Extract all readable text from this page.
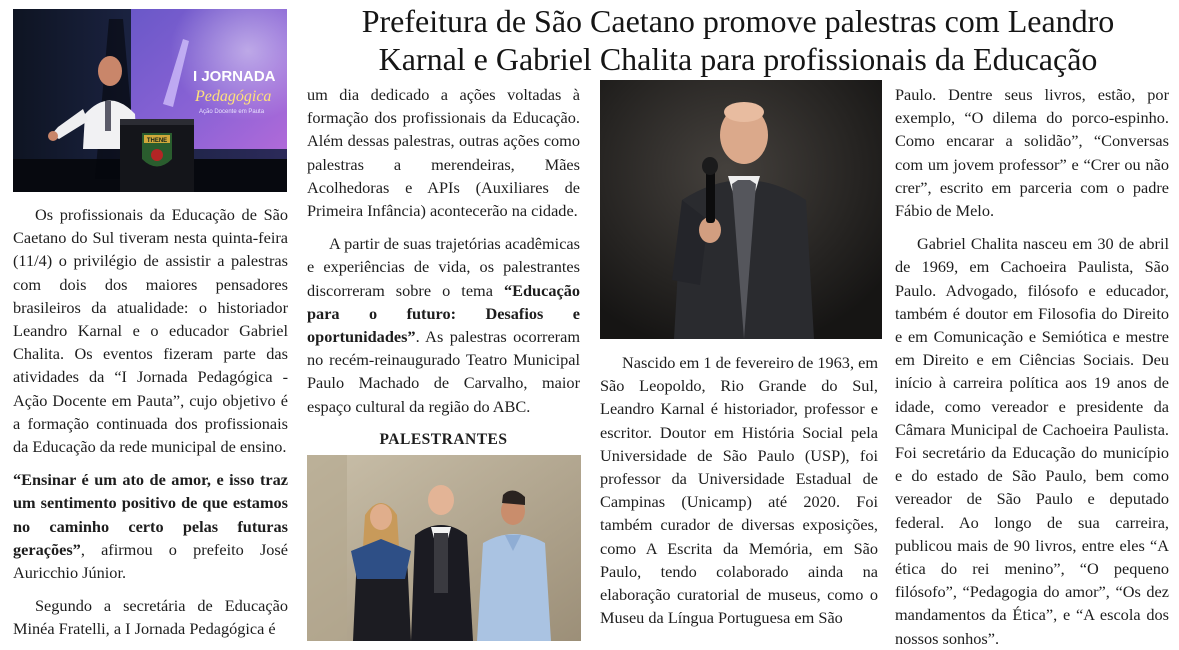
Prefeitura de São Caetano promove palestras com Leandro
Karnal e Gabriel Chalita para profissionais da Educação
I JORNADA
Pedagógica
Ação Docente em Pauta
THENE

Os profissionais da Educação de São Caetano do Sul tiveram nesta quinta-feira (11/4) o privilégio de assistir a palestras com dois dos maiores pensadores brasileiros da atualidade: o historiador Leandro Karnal e o educador Gabriel Chalita. Os eventos fizeram parte das atividades da “I Jornada Pedagógica - Ação Docente em Pauta”, cujo objetivo é a formação continuada dos profissionais da Educação da rede municipal de ensino.

“Ensinar é um ato de amor, e isso traz um sentimento positivo de que estamos no caminho certo pelas futuras gerações”, afirmou o prefeito José Auricchio Júnior.

Segundo a secretária de Educação Minéa Fratelli, a I Jornada Pedagógica é

um dia dedicado a ações voltadas à formação dos profissionais da Educação. Além dessas palestras, outras ações como palestras a merendeiras, Mães Acolhedoras e APIs (Auxiliares de Primeira Infância) acontecerão na cidade.

A partir de suas trajetórias acadêmicas e experiências de vida, os palestrantes discorreram sobre o tema “Educação para o futuro: Desafios e oportunidades”. As palestras ocorreram no recém-reinaugurado Teatro Municipal Paulo Machado de Carvalho, maior espaço cultural da região do ABC.

PALESTRANTES

Nascido em 1 de fevereiro de 1963, em São Leopoldo, Rio Grande do Sul, Leandro Karnal é historiador, professor e escritor. Doutor em História Social pela Universidade de São Paulo (USP), foi professor da Universidade Estadual de Campinas (Unicamp) até 2020. Foi também curador de diversas exposições, como A Escrita da Memória, em São Paulo, tendo colaborado ainda na elaboração curatorial de museus, como o Museu da Língua Portuguesa em São

Paulo. Dentre seus livros, estão, por exemplo, “O dilema do porco-espinho. Como encarar a solidão”, “Conversas com um jovem professor” e “Crer ou não crer”, escrito em parceria com o padre Fábio de Melo.

Gabriel Chalita nasceu em 30 de abril de 1969, em Cachoeira Paulista, São Paulo. Advogado, filósofo e educador, também é doutor em Filosofia do Direito e em Comunicação e Semiótica e mestre em Direito e em Ciências Sociais. Deu início à carreira política aos 19 anos de idade, como vereador e presidente da Câmara Municipal de Cachoeira Paulista. Foi secretário da Educação do município e do estado de São Paulo, bem como vereador de São Paulo e deputado federal. Ao longo de sua carreira, publicou mais de 90 livros, entre eles “A ética do rei menino”, “O pequeno filósofo”, “Pedagogia do amor”, “Os dez mandamentos da Ética”, e “A escola dos nossos sonhos”.
